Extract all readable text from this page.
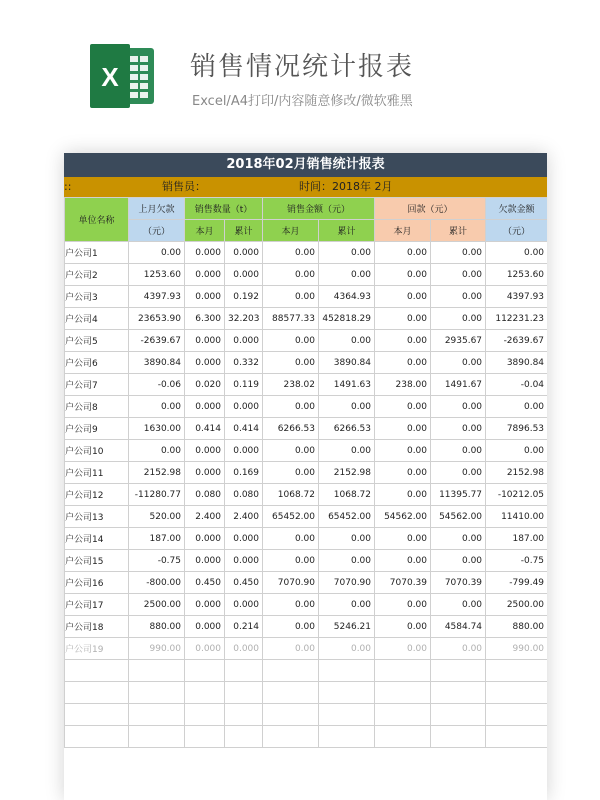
X	销售情况统计报表
Excel/A4打印/内容随意修改/微软雅黑
2018年02月销售统计报表
::	销售员：	时间：2018年 2月
单位名称	上月欠款	销售数量（t）		销售金额（元）		回款（元）		欠款金额
	（元）	本月	累计	本月	累计	本月	累计	（元）
户公司1	0.00	0.000	0.000	0.00	0.00	0.00	0.00	0.00
户公司2	1253.60	0.000	0.000	0.00	0.00	0.00	0.00	1253.60
户公司3	4397.93	0.000	0.192	0.00	4364.93	0.00	0.00	4397.93
户公司4	23653.90	6.300	32.203	88577.33	452818.29	0.00	0.00	112231.23
户公司5	-2639.67	0.000	0.000	0.00	0.00	0.00	2935.67	-2639.67
户公司6	3890.84	0.000	0.332	0.00	3890.84	0.00	0.00	3890.84
户公司7	-0.06	0.020	0.119	238.02	1491.63	238.00	1491.67	-0.04
户公司8	0.00	0.000	0.000	0.00	0.00	0.00	0.00	0.00
户公司9	1630.00	0.414	0.414	6266.53	6266.53	0.00	0.00	7896.53
户公司10	0.00	0.000	0.000	0.00	0.00	0.00	0.00	0.00
户公司11	2152.98	0.000	0.169	0.00	2152.98	0.00	0.00	2152.98
户公司12	-11280.77	0.080	0.080	1068.72	1068.72	0.00	11395.77	-10212.05
户公司13	520.00	2.400	2.400	65452.00	65452.00	54562.00	54562.00	11410.00
户公司14	187.00	0.000	0.000	0.00	0.00	0.00	0.00	187.00
户公司15	-0.75	0.000	0.000	0.00	0.00	0.00	0.00	-0.75
户公司16	-800.00	0.450	0.450	7070.90	7070.90	7070.39	7070.39	-799.49
户公司17	2500.00	0.000	0.000	0.00	0.00	0.00	0.00	2500.00
户公司18	880.00	0.000	0.214	0.00	5246.21	0.00	4584.74	880.00
户公司19	990.00	0.000	0.000	0.00	0.00	0.00	0.00	990.00
